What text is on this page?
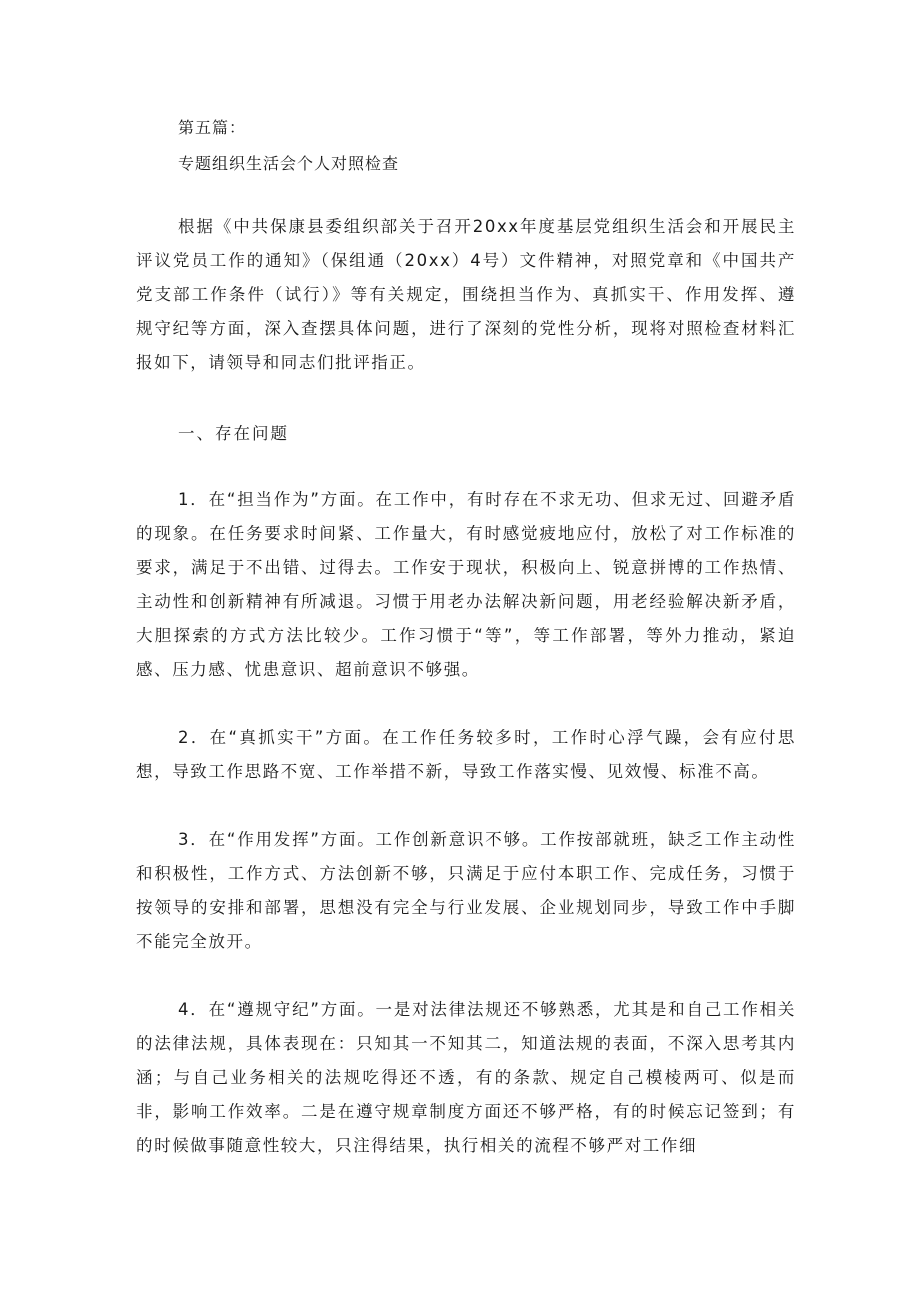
第五篇：
专题组织生活会个人对照检查

根据《中共保康县委组织部关于召开20xx年度基层党组织生活会和开展民主评议党员工作的通知》（保组通（20xx）4号）文件精神，对照党章和《中国共产党支部工作条件（试行）》等有关规定，围绕担当作为、真抓实干、作用发挥、遵规守纪等方面，深入查摆具体问题，进行了深刻的党性分析，现将对照检查材料汇报如下，请领导和同志们批评指正。

一、存在问题

1．在“担当作为”方面。在工作中，有时存在不求无功、但求无过、回避矛盾的现象。在任务要求时间紧、工作量大，有时感觉疲地应付，放松了对工作标准的要求，满足于不出错、过得去。工作安于现状，积极向上、锐意拼博的工作热情、主动性和创新精神有所减退。习惯于用老办法解决新问题，用老经验解决新矛盾，大胆探索的方式方法比较少。工作习惯于“等”，等工作部署，等外力推动，紧迫感、压力感、忧患意识、超前意识不够强。

2．在“真抓实干”方面。在工作任务较多时，工作时心浮气躁，会有应付思想，导致工作思路不宽、工作举措不新，导致工作落实慢、见效慢、标准不高。

3．在“作用发挥”方面。工作创新意识不够。工作按部就班，缺乏工作主动性和积极性，工作方式、方法创新不够，只满足于应付本职工作、完成任务，习惯于按领导的安排和部署，思想没有完全与行业发展、企业规划同步，导致工作中手脚不能完全放开。

4．在“遵规守纪”方面。一是对法律法规还不够熟悉，尤其是和自己工作相关的法律法规，具体表现在：只知其一不知其二，知道法规的表面，不深入思考其内涵；与自己业务相关的法规吃得还不透，有的条款、规定自己模棱两可、似是而非，影响工作效率。二是在遵守规章制度方面还不够严格，有的时候忘记签到；有的时候做事随意性较大，只注得结果，执行相关的流程不够严对工作细
